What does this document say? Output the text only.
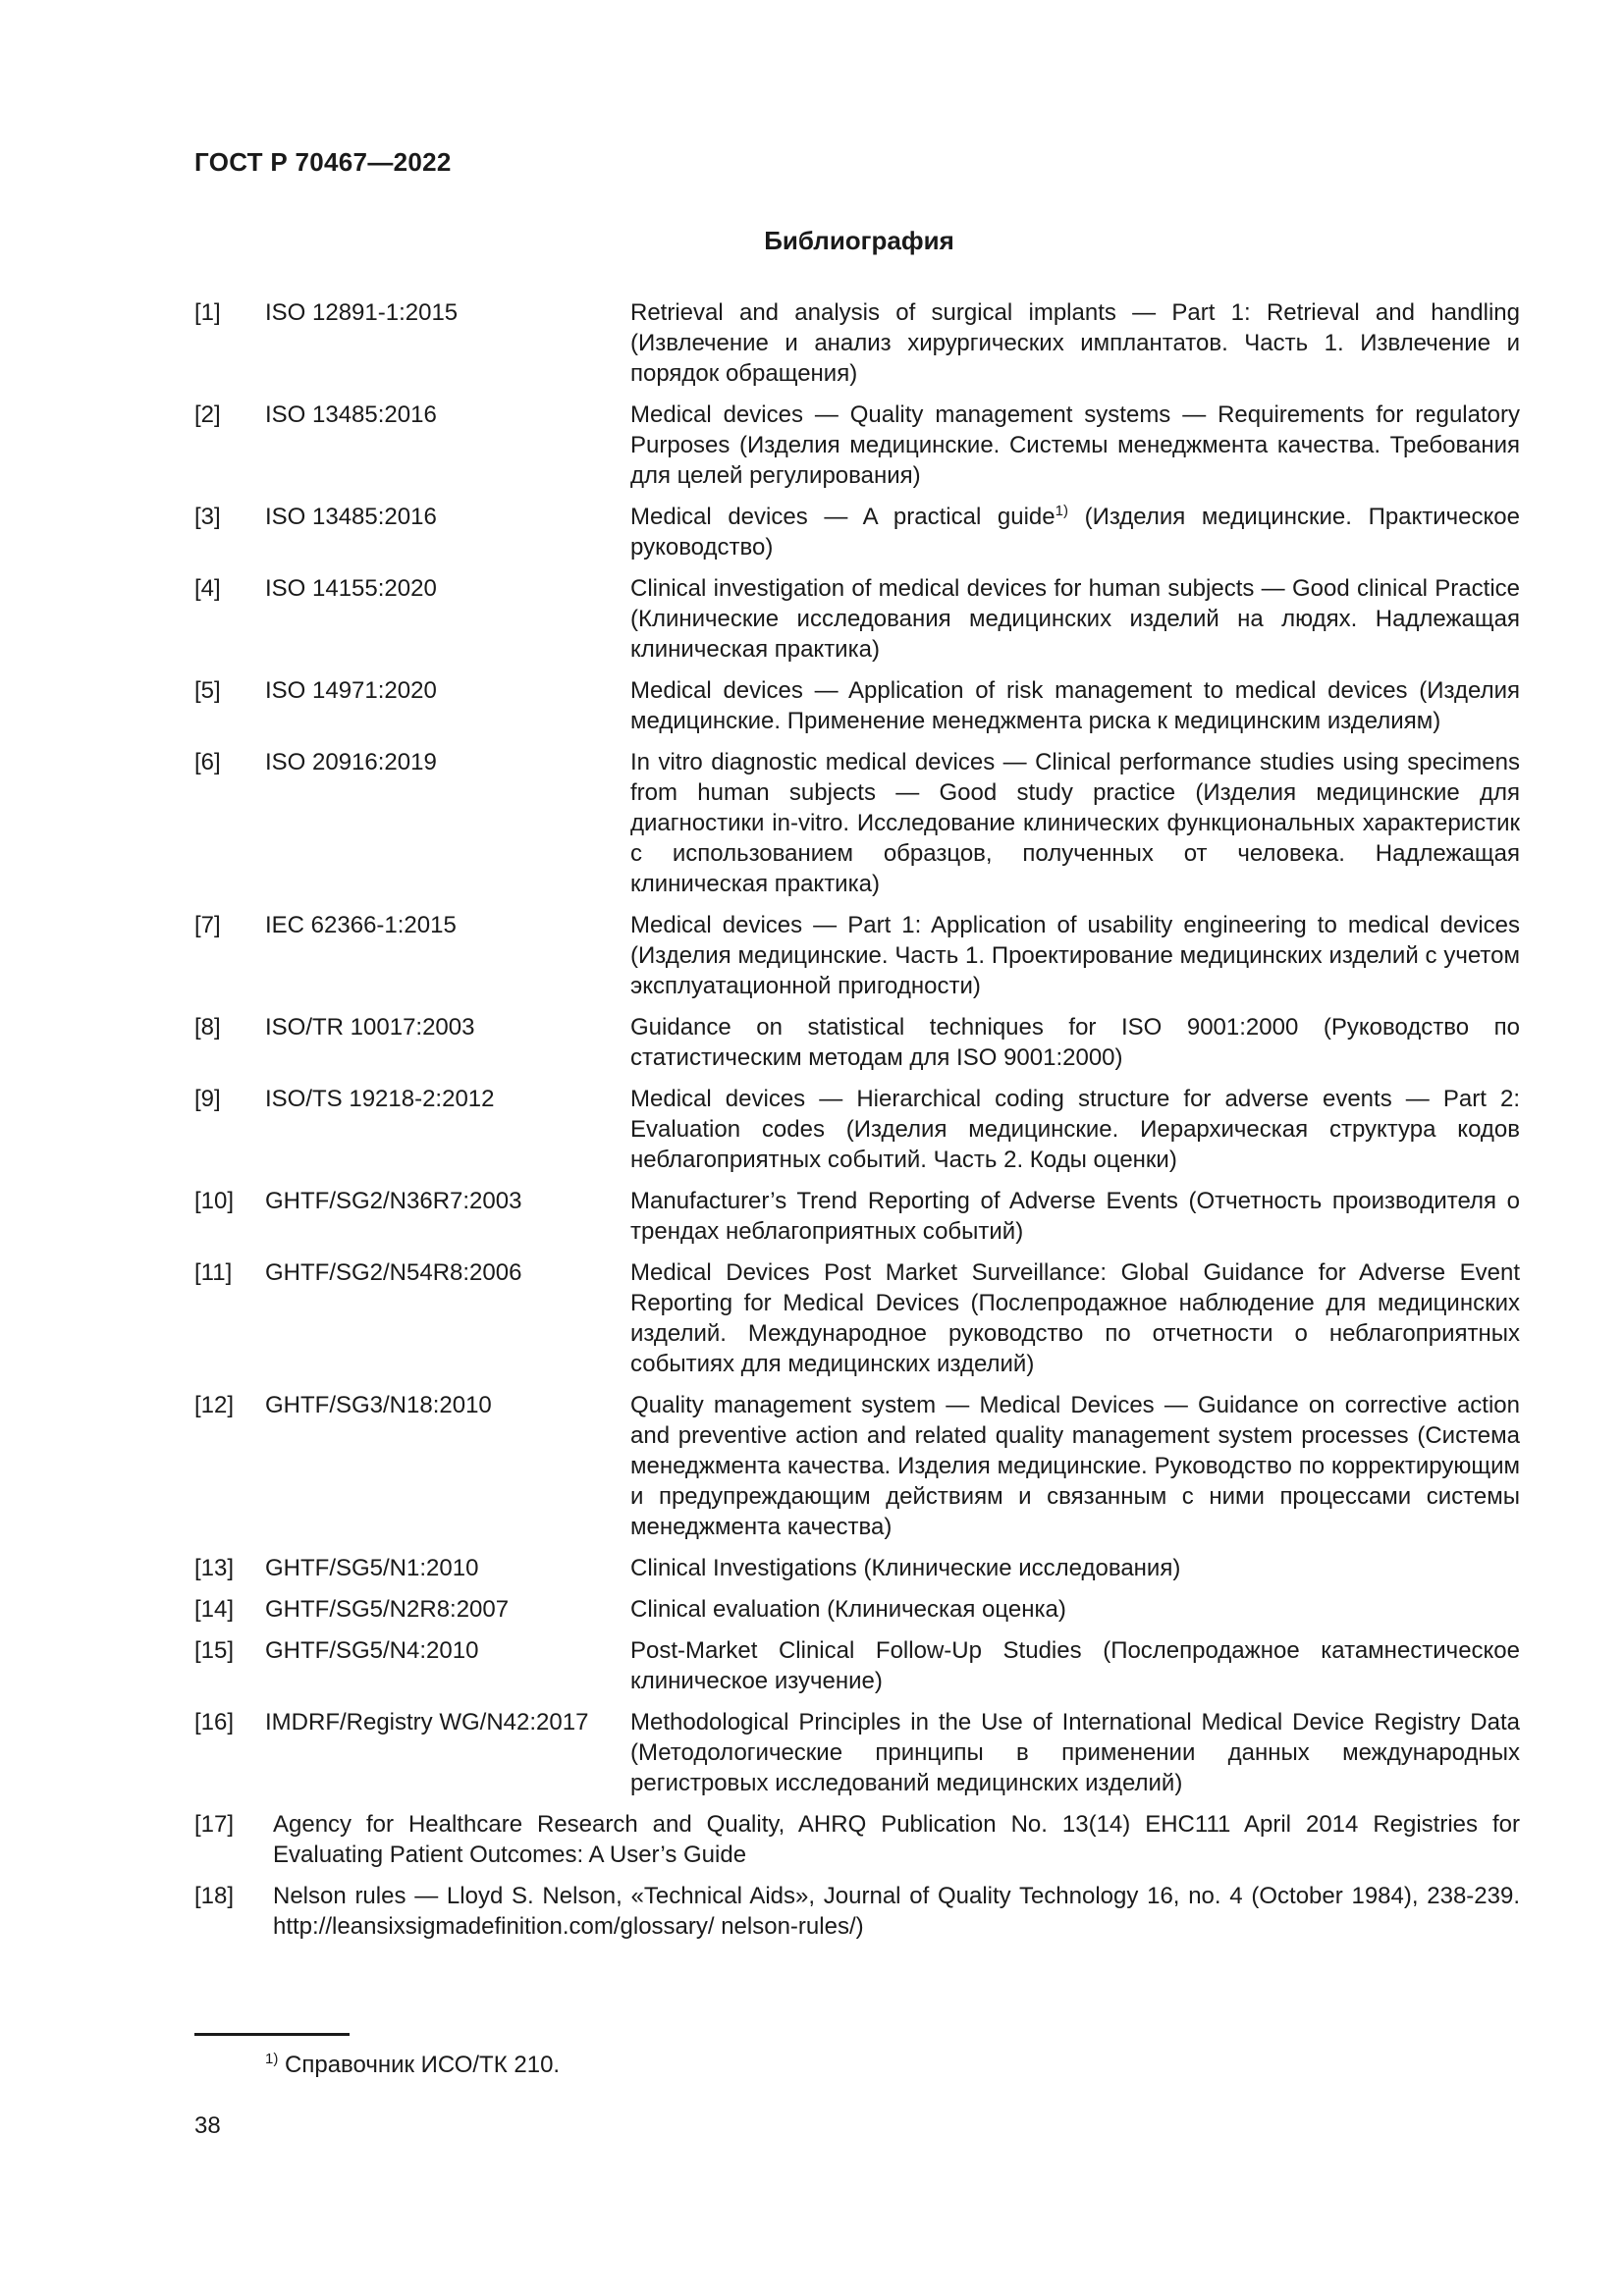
ГОСТ Р 70467—2022
Библиография
[1]	ISO 12891-1:2015	Retrieval and analysis of surgical implants — Part 1: Retrieval and handling (Извлечение и анализ хирургических имплантатов. Часть 1. Извлечение и порядок обращения)
[2]	ISO 13485:2016	Medical devices — Quality management systems — Requirements for regulatory Purposes (Изделия медицинские. Системы менеджмента качества. Требования для целей регулирования)
[3]	ISO 13485:2016	Medical devices — A practical guide$^{1)}$ (Изделия медицинские. Практическое руководство)
[4]	ISO 14155:2020	Clinical investigation of medical devices for human subjects — Good clinical Practice (Клинические исследования медицинских изделий на людях. Надлежащая клиническая практика)
[5]	ISO 14971:2020	Medical devices — Application of risk management to medical devices (Изделия медицинские. Применение менеджмента риска к медицинским изделиям)
[6]	ISO 20916:2019	In vitro diagnostic medical devices — Clinical performance studies using specimens from human subjects — Good study practice (Изделия медицинские для диагностики in-vitro. Исследование клинических функциональных характеристик с использованием образцов, полученных от человека. Надлежащая клиническая практика)
[7]	IEC 62366-1:2015	Medical devices — Part 1: Application of usability engineering to medical devices (Изделия медицинские. Часть 1. Проектирование медицинских изделий с учетом эксплуатационной пригодности)
[8]	ISO/TR 10017:2003	Guidance on statistical techniques for ISO 9001:2000 (Руководство по статистическим методам для ISO 9001:2000)
[9]	ISO/TS 19218-2:2012	Medical devices — Hierarchical coding structure for adverse events — Part 2: Evaluation codes (Изделия медицинские. Иерархическая структура кодов неблагоприятных событий. Часть 2. Коды оценки)
[10]	GHTF/SG2/N36R7:2003	Manufacturer’s Trend Reporting of Adverse Events (Отчетность производителя о трендах неблагоприятных событий)
[11]	GHTF/SG2/N54R8:2006	Medical Devices Post Market Surveillance: Global Guidance for Adverse Event Reporting for Medical Devices (Послепродажное наблюдение для медицинских изделий. Международное руководство по отчетности о неблагоприятных событиях для медицинских изделий)
[12]	GHTF/SG3/N18:2010	Quality management system — Medical Devices — Guidance on corrective action and preventive action and related quality management system processes (Система менеджмента качества. Изделия медицинские. Руководство по корректирующим и предупреждающим действиям и связанным с ними процессами системы менеджмента качества)
[13]	GHTF/SG5/N1:2010	Clinical Investigations (Клинические исследования)
[14]	GHTF/SG5/N2R8:2007	Clinical evaluation (Клиническая оценка)
[15]	GHTF/SG5/N4:2010	Post-Market Clinical Follow-Up Studies (Послепродажное катамнестическое клиническое изучение)
[16]	IMDRF/Registry WG/N42:2017	Methodological Principles in the Use of International Medical Device Registry Data (Методологические принципы в применении данных международных регистровых исследований медицинских изделий)
[17]	Agency for Healthcare Research and Quality, AHRQ Publication No. 13(14) EHC111 April 2014 Registries for Evaluating Patient Outcomes: A User’s Guide
[18]	Nelson rules — Lloyd S. Nelson, «Technical Aids», Journal of Quality Technology 16, no. 4 (October 1984), 238-239. http://leansixsigmadefinition.com/glossary/ nelson-rules/)
$^{1)}$ Справочник ИСО/ТК 210.
38
